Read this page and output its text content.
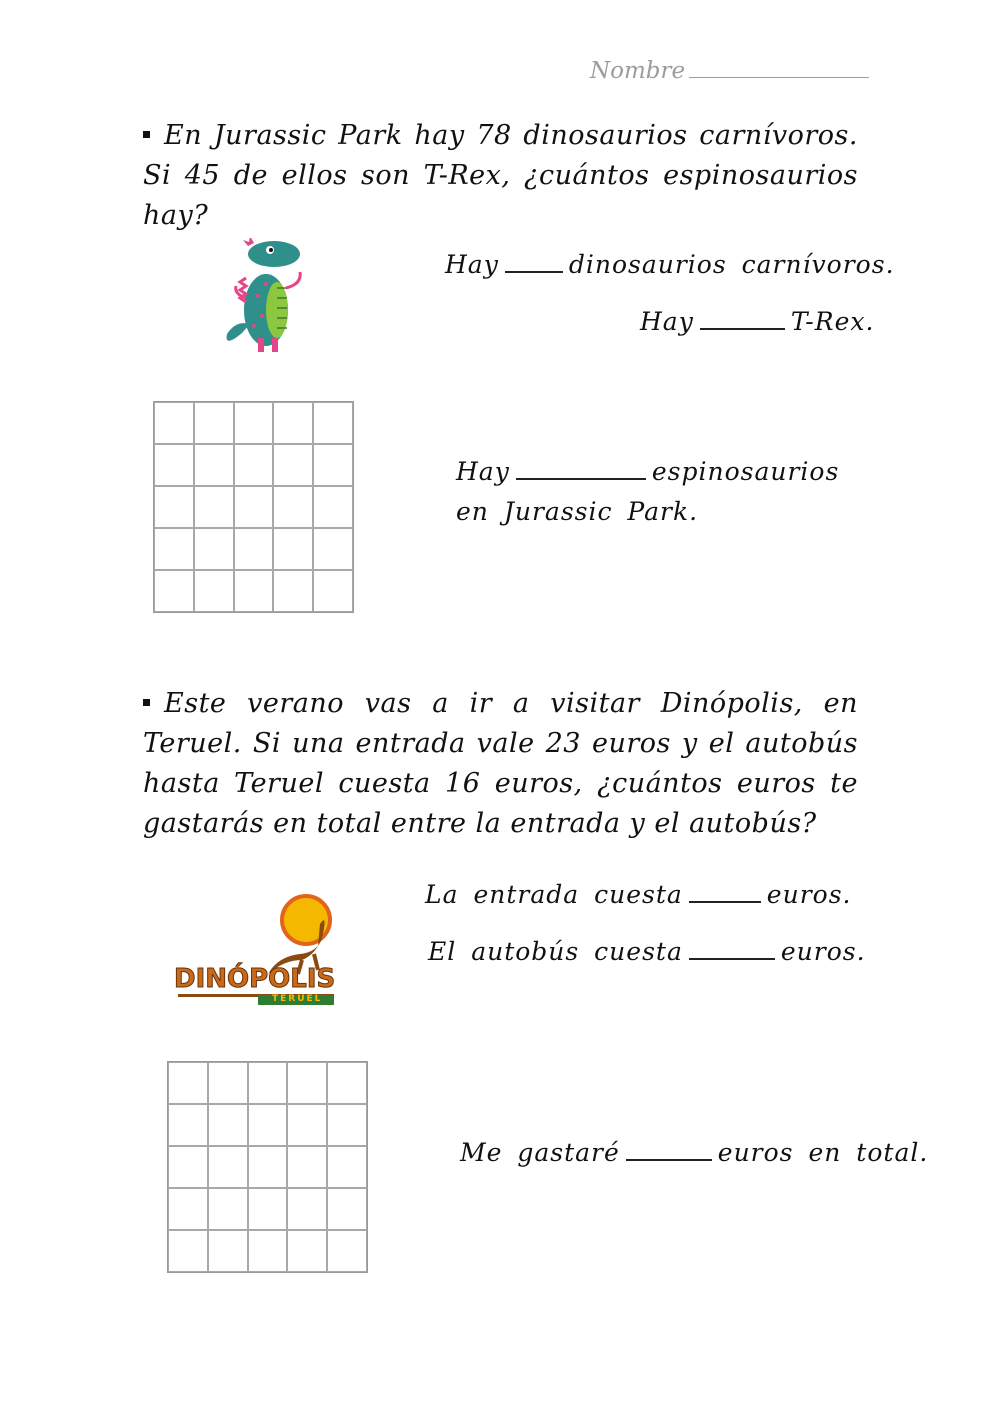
Nombre
En Jurassic Park hay 78 dinosaurios carnívoros. Si 45 de ellos son T-Rex, ¿cuántos espinosaurios hay?
Hay	dinosaurios carnívoros.
Hay	T-Rex.
Hay	espinosaurios
en Jurassic Park.
Este verano vas a ir a visitar Dinópolis, en Teruel. Si una entrada vale 23 euros y el autobús hasta Teruel cuesta 16 euros, ¿cuántos euros te gastarás en total entre la entrada y el autobús?
DINÓPOLIS
TERUEL
La entrada cuesta	euros.
El autobús cuesta	euros.
Me gastaré	euros en total.
